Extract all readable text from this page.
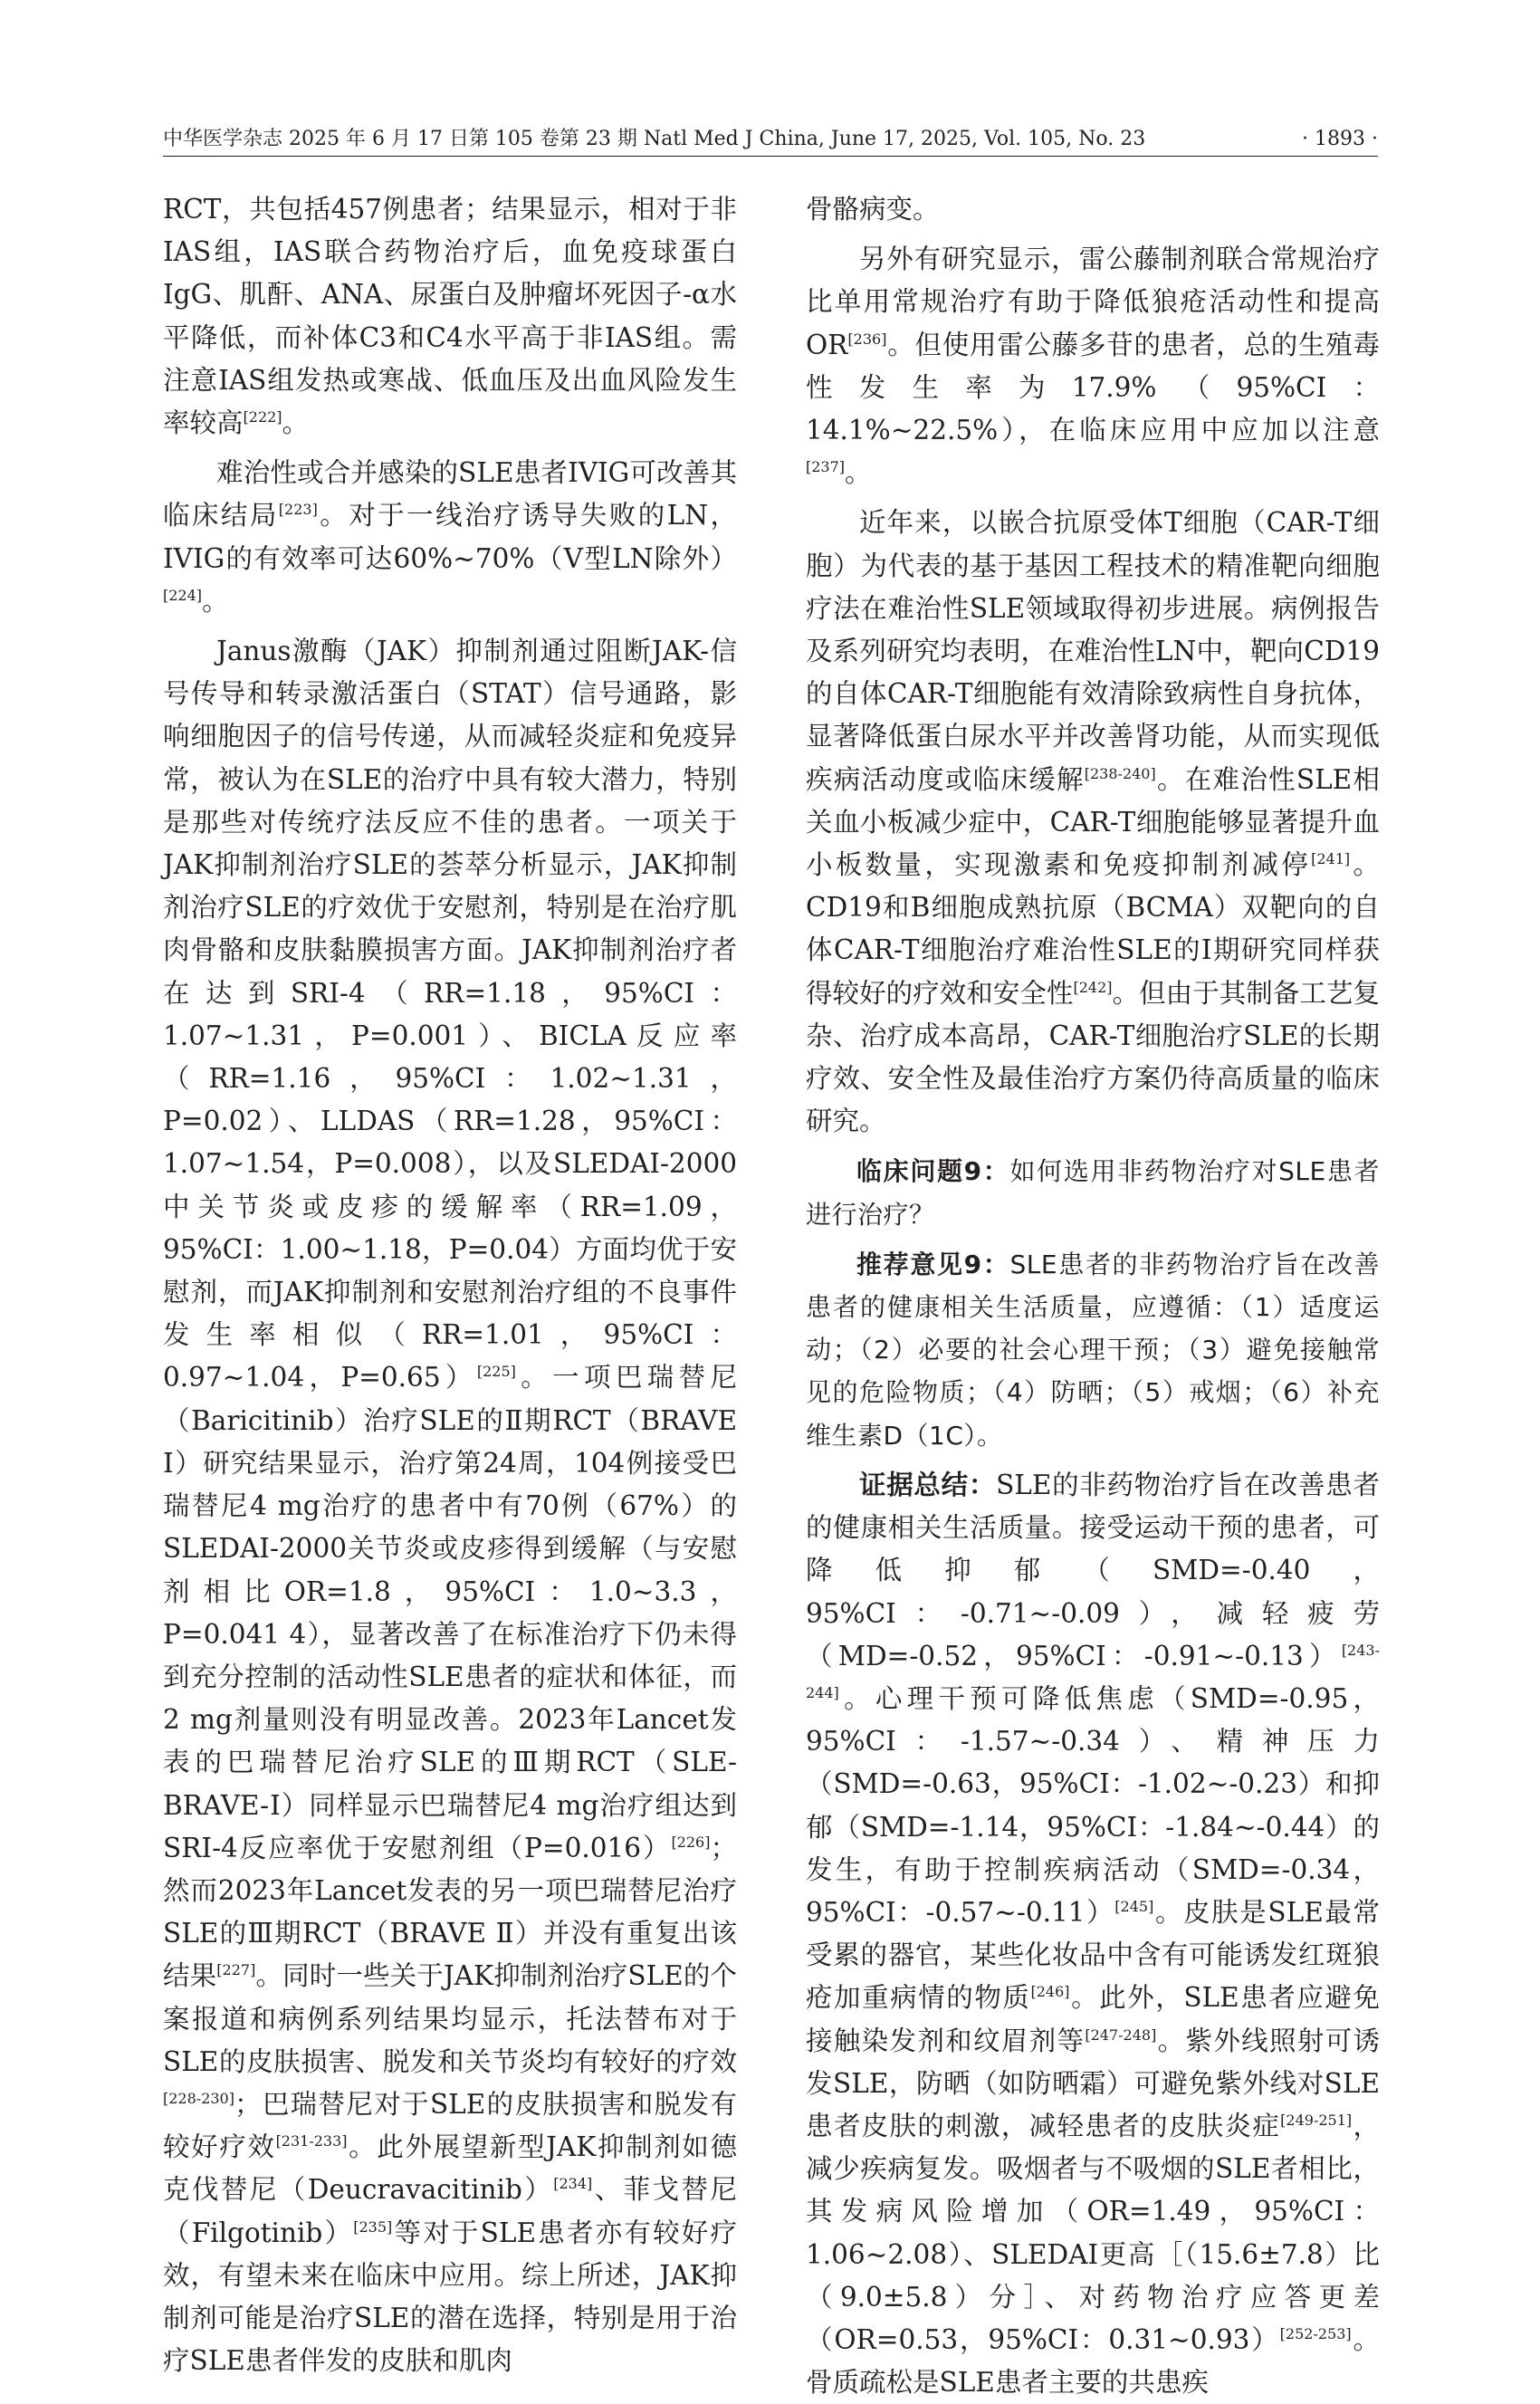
中华医学杂志 2025 年 6 月 17 日第 105 卷第 23 期 Natl Med J China, June 17, 2025, Vol. 105, No. 23	· 1893 ·

RCT，共包括457例患者；结果显示，相对于非IAS组，IAS联合药物治疗后，血免疫球蛋白IgG、肌酐、ANA、尿蛋白及肿瘤坏死因子-α水平降低，而补体C3和C4水平高于非IAS组。需注意IAS组发热或寒战、低血压及出血风险发生率较高[222]。

难治性或合并感染的SLE患者IVIG可改善其临床结局[223]。对于一线治疗诱导失败的LN，IVIG的有效率可达60%~70%（Ⅴ型LN除外）[224]。

Janus激酶（JAK）抑制剂通过阻断JAK-信号传导和转录激活蛋白（STAT）信号通路，影响细胞因子的信号传递，从而减轻炎症和免疫异常，被认为在SLE的治疗中具有较大潜力，特别是那些对传统疗法反应不佳的患者。一项关于JAK抑制剂治疗SLE的荟萃分析显示，JAK抑制剂治疗SLE的疗效优于安慰剂，特别是在治疗肌肉骨骼和皮肤黏膜损害方面。JAK抑制剂治疗者在达到SRI-4（RR=1.18，95%CI：1.07~1.31，P=0.001）、BICLA反应率（RR=1.16，95%CI：1.02~1.31，P=0.02）、LLDAS（RR=1.28，95%CI：1.07~1.54，P=0.008），以及SLEDAI-2000中关节炎或皮疹的缓解率（RR=1.09，95%CI：1.00~1.18，P=0.04）方面均优于安慰剂，而JAK抑制剂和安慰剂治疗组的不良事件发生率相似（RR=1.01，95%CI：0.97~1.04，P=0.65）[225]。一项巴瑞替尼（Baricitinib）治疗SLE的Ⅱ期RCT（BRAVE Ⅰ）研究结果显示，治疗第24周，104例接受巴瑞替尼4 mg治疗的患者中有70例（67%）的SLEDAI-2000关节炎或皮疹得到缓解（与安慰剂相比OR=1.8，95%CI：1.0~3.3，P=0.041 4），显著改善了在标准治疗下仍未得到充分控制的活动性SLE患者的症状和体征，而2 mg剂量则没有明显改善。2023年Lancet发表的巴瑞替尼治疗SLE的Ⅲ期RCT（SLE-BRAVE-Ⅰ）同样显示巴瑞替尼4 mg治疗组达到SRI-4反应率优于安慰剂组（P=0.016）[226]；然而2023年Lancet发表的另一项巴瑞替尼治疗SLE的Ⅲ期RCT（BRAVE Ⅱ）并没有重复出该结果[227]。同时一些关于JAK抑制剂治疗SLE的个案报道和病例系列结果均显示，托法替布对于SLE的皮肤损害、脱发和关节炎均有较好的疗效[228-230]；巴瑞替尼对于SLE的皮肤损害和脱发有较好疗效[231-233]。此外展望新型JAK抑制剂如德克伐替尼（Deucravacitinib）[234]、菲戈替尼（Filgotinib）[235]等对于SLE患者亦有较好疗效，有望未来在临床中应用。综上所述，JAK抑制剂可能是治疗SLE的潜在选择，特别是用于治疗SLE患者伴发的皮肤和肌肉

骨骼病变。

另外有研究显示，雷公藤制剂联合常规治疗比单用常规治疗有助于降低狼疮活动性和提高OR[236]。但使用雷公藤多苷的患者，总的生殖毒性发生率为17.9%（95%CI：14.1%~22.5%），在临床应用中应加以注意[237]。

近年来，以嵌合抗原受体T细胞（CAR-T细胞）为代表的基于基因工程技术的精准靶向细胞疗法在难治性SLE领域取得初步进展。病例报告及系列研究均表明，在难治性LN中，靶向CD19的自体CAR-T细胞能有效清除致病性自身抗体，显著降低蛋白尿水平并改善肾功能，从而实现低疾病活动度或临床缓解[238-240]。在难治性SLE相关血小板减少症中，CAR-T细胞能够显著提升血小板数量，实现激素和免疫抑制剂减停[241]。CD19和B细胞成熟抗原（BCMA）双靶向的自体CAR-T细胞治疗难治性SLE的Ⅰ期研究同样获得较好的疗效和安全性[242]。但由于其制备工艺复杂、治疗成本高昂，CAR-T细胞治疗SLE的长期疗效、安全性及最佳治疗方案仍待高质量的临床研究。

临床问题9：如何选用非药物治疗对SLE患者进行治疗？

推荐意见9：SLE患者的非药物治疗旨在改善患者的健康相关生活质量，应遵循：（1）适度运动；（2）必要的社会心理干预；（3）避免接触常见的危险物质；（4）防晒；（5）戒烟；（6）补充维生素D（1C）。

证据总结：SLE的非药物治疗旨在改善患者的健康相关生活质量。接受运动干预的患者，可降低抑郁（SMD=-0.40，95%CI：-0.71~-0.09），减轻疲劳（MD=-0.52，95%CI：-0.91~-0.13）[243-244]。心理干预可降低焦虑（SMD=-0.95，95%CI：-1.57~-0.34）、精神压力（SMD=-0.63，95%CI：-1.02~-0.23）和抑郁（SMD=-1.14，95%CI：-1.84~-0.44）的发生，有助于控制疾病活动（SMD=-0.34，95%CI：-0.57~-0.11）[245]。皮肤是SLE最常受累的器官，某些化妆品中含有可能诱发红斑狼疮加重病情的物质[246]。此外，SLE患者应避免接触染发剂和纹眉剂等[247-248]。紫外线照射可诱发SLE，防晒（如防晒霜）可避免紫外线对SLE患者皮肤的刺激，减轻患者的皮肤炎症[249-251]，减少疾病复发。吸烟者与不吸烟的SLE者相比，其发病风险增加（OR=1.49，95%CI：1.06~2.08）、SLEDAI更高［（15.6±7.8）比（9.0±5.8）分］、对药物治疗应答更差（OR=0.53，95%CI：0.31~0.93）[252-253]。骨质疏松是SLE患者主要的共患疾
